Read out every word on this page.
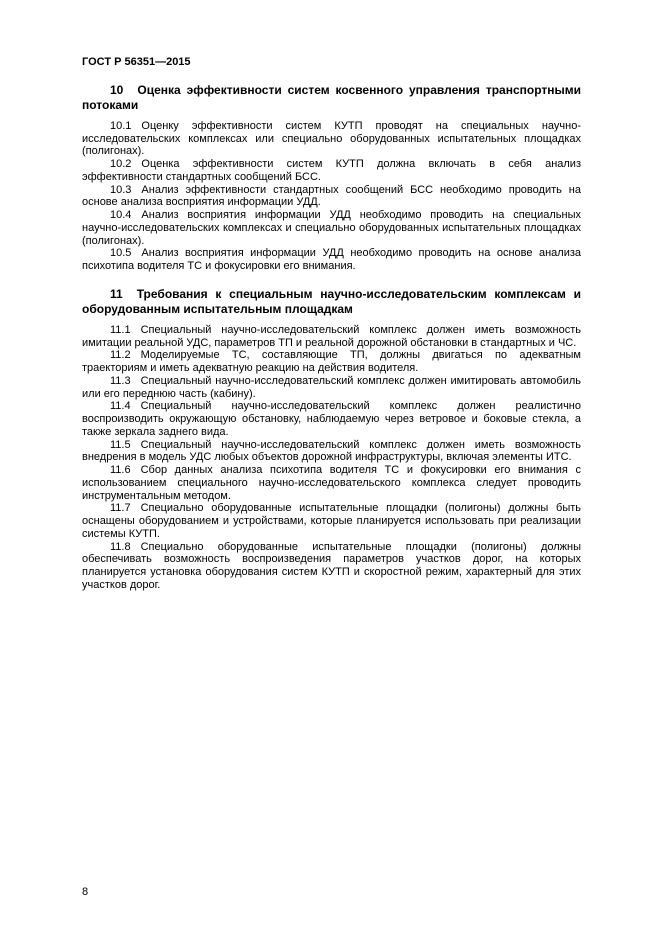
ГОСТ Р 56351—2015
10 Оценка эффективности систем косвенного управления транспортными потоками

10.1 Оценку эффективности систем КУТП проводят на специальных научно-исследовательских комплексах или специально оборудованных испытательных площадках (полигонах).

10.2 Оценка эффективности систем КУТП должна включать в себя анализ эффективности стандартных сообщений БСС.

10.3 Анализ эффективности стандартных сообщений БСС необходимо проводить на основе анализа восприятия информации УДД.

10.4 Анализ восприятия информации УДД необходимо проводить на специальных научно-исследовательских комплексах и специально оборудованных испытательных площадках (полигонах).

10.5 Анализ восприятия информации УДД необходимо проводить на основе анализа психотипа водителя ТС и фокусировки его внимания.

11 Требования к специальным научно-исследовательским комплексам и оборудованным испытательным площадкам

11.1 Специальный научно-исследовательский комплекс должен иметь возможность имитации реальной УДС, параметров ТП и реальной дорожной обстановки в стандартных и ЧС.

11.2 Моделируемые ТС, составляющие ТП, должны двигаться по адекватным траекториям и иметь адекватную реакцию на действия водителя.

11.3 Специальный научно-исследовательский комплекс должен имитировать автомобиль или его переднюю часть (кабину).

11.4 Специальный научно-исследовательский комплекс должен реалистично воспроизводить окружающую обстановку, наблюдаемую через ветровое и боковые стекла, а также зеркала заднего вида.

11.5 Специальный научно-исследовательский комплекс должен иметь возможность внедрения в модель УДС любых объектов дорожной инфраструктуры, включая элементы ИТС.

11.6 Сбор данных анализа психотипа водителя ТС и фокусировки его внимания с использованием специального научно-исследовательского комплекса следует проводить инструментальным методом.

11.7 Специально оборудованные испытательные площадки (полигоны) должны быть оснащены оборудованием и устройствами, которые планируется использовать при реализации системы КУТП.

11.8 Специально оборудованные испытательные площадки (полигоны) должны обеспечивать возможность воспроизведения параметров участков дорог, на которых планируется установка оборудования систем КУТП и скоростной режим, характерный для этих участков дорог.

8
